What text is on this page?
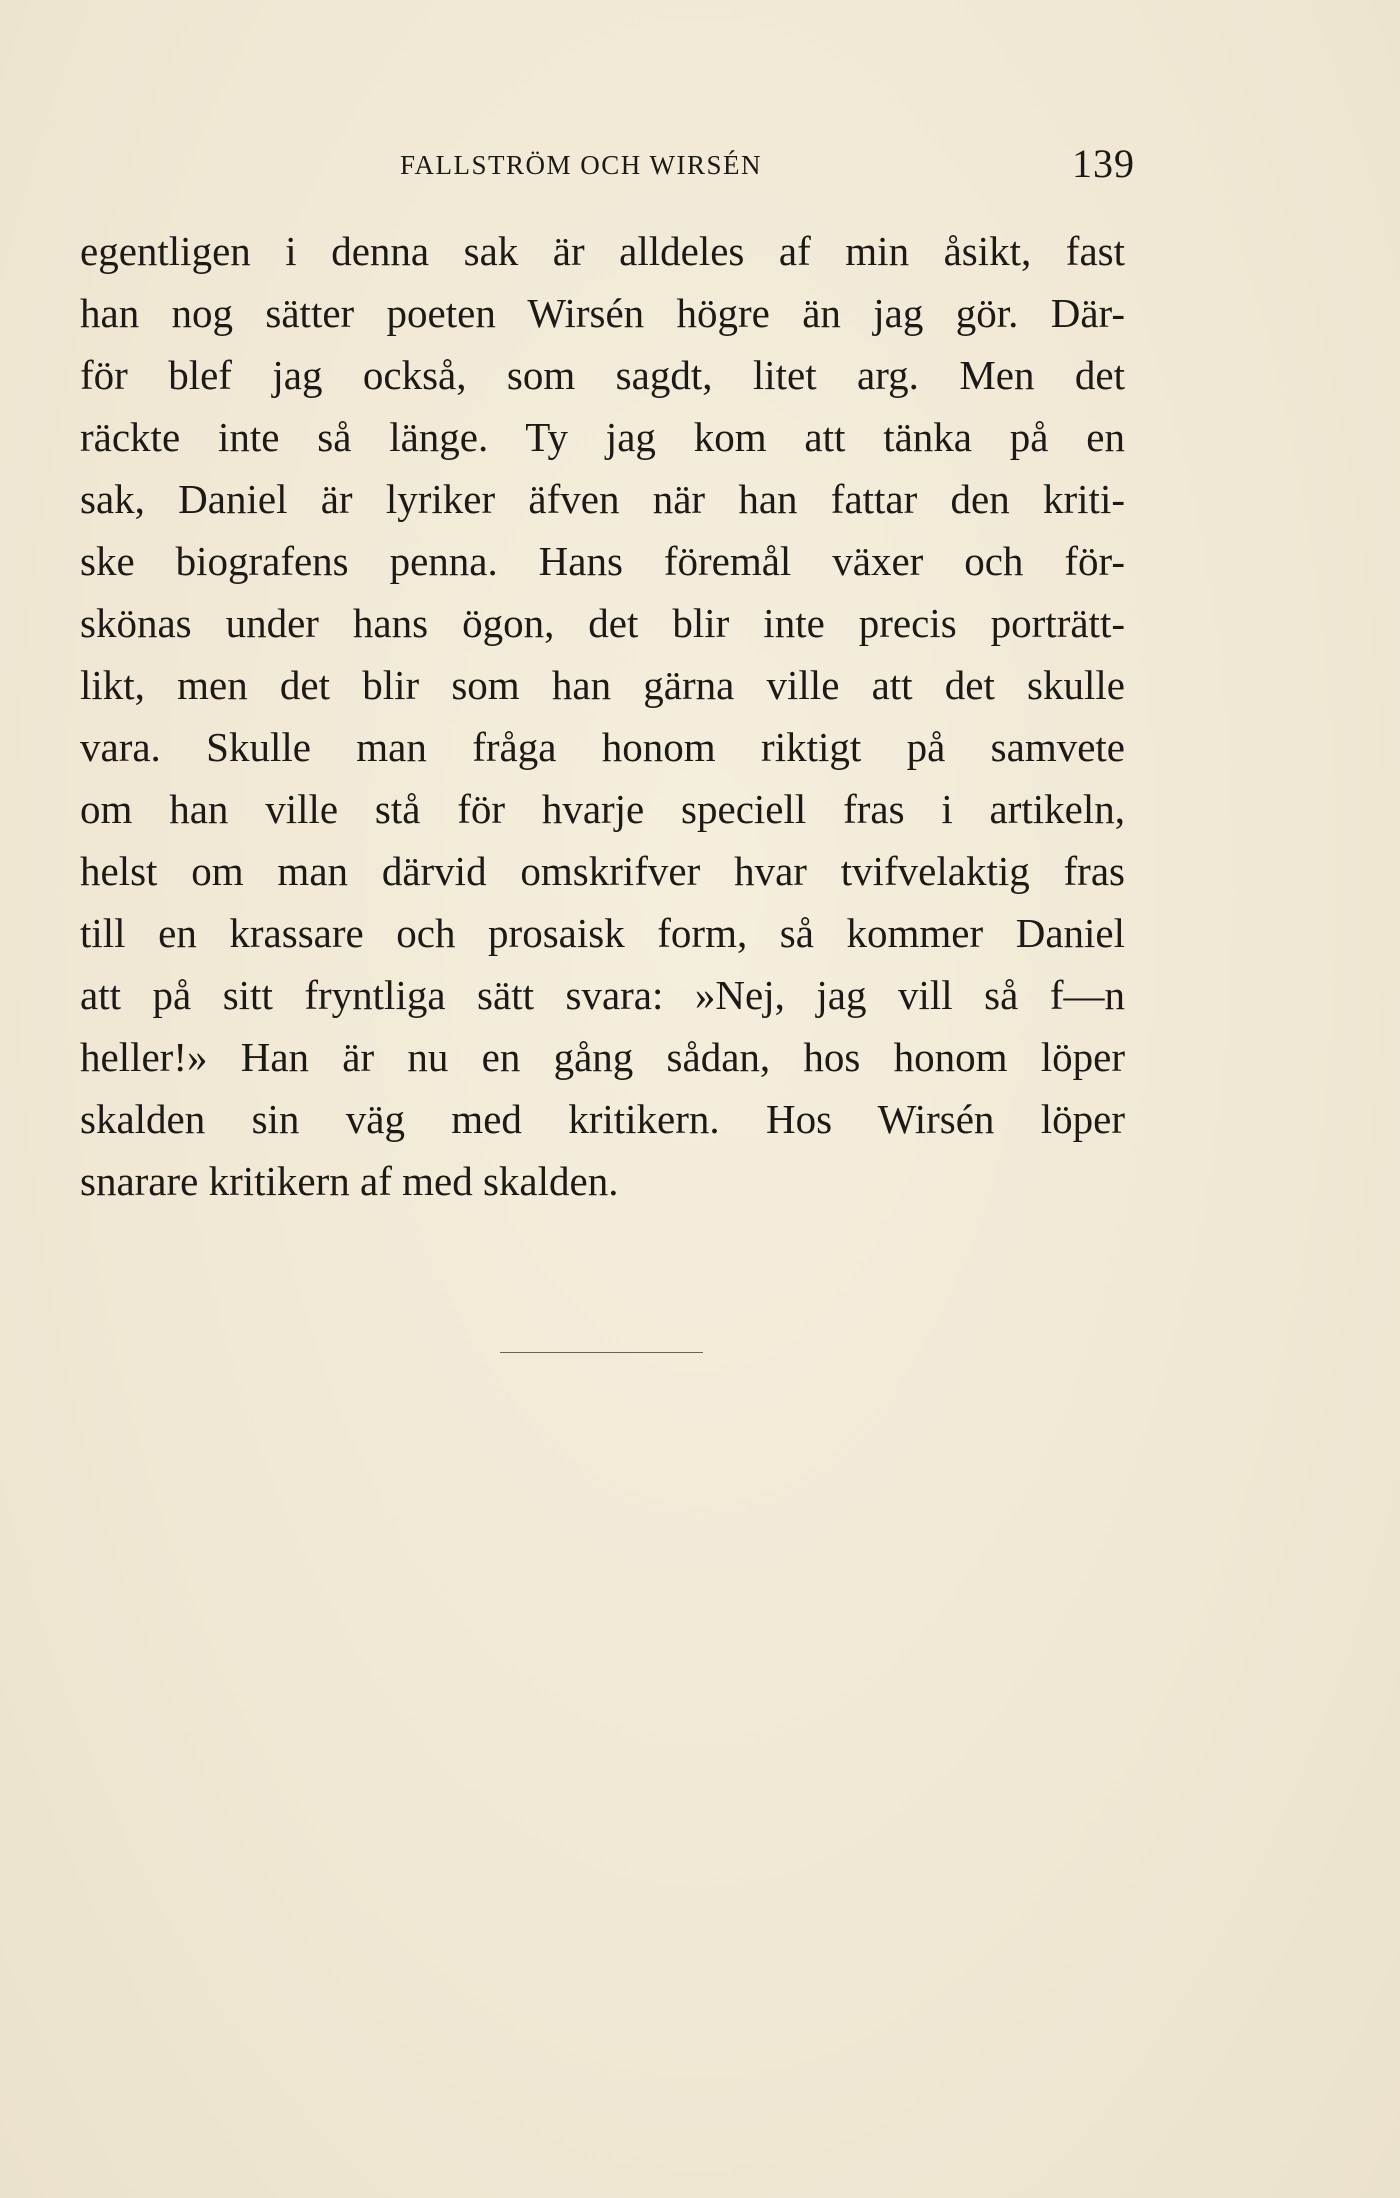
FALLSTRÖM OCH WIRSÉN	139
egentligen i denna sak är alldeles af min åsikt, fast
han nog sätter poeten Wirsén högre än jag gör. Där-
för blef jag också, som sagdt, litet arg. Men det
räckte inte så länge. Ty jag kom att tänka på en
sak, Daniel är lyriker äfven när han fattar den kriti-
ske biografens penna. Hans föremål växer och för-
skönas under hans ögon, det blir inte precis porträtt-
likt, men det blir som han gärna ville att det skulle
vara. Skulle man fråga honom riktigt på samvete
om han ville stå för hvarje speciell fras i artikeln,
helst om man därvid omskrifver hvar tvifvelaktig fras
till en krassare och prosaisk form, så kommer Daniel
att på sitt fryntliga sätt svara: »Nej, jag vill så f—n
heller!» Han är nu en gång sådan, hos honom löper
skalden sin väg med kritikern. Hos Wirsén löper
snarare kritikern af med skalden.
